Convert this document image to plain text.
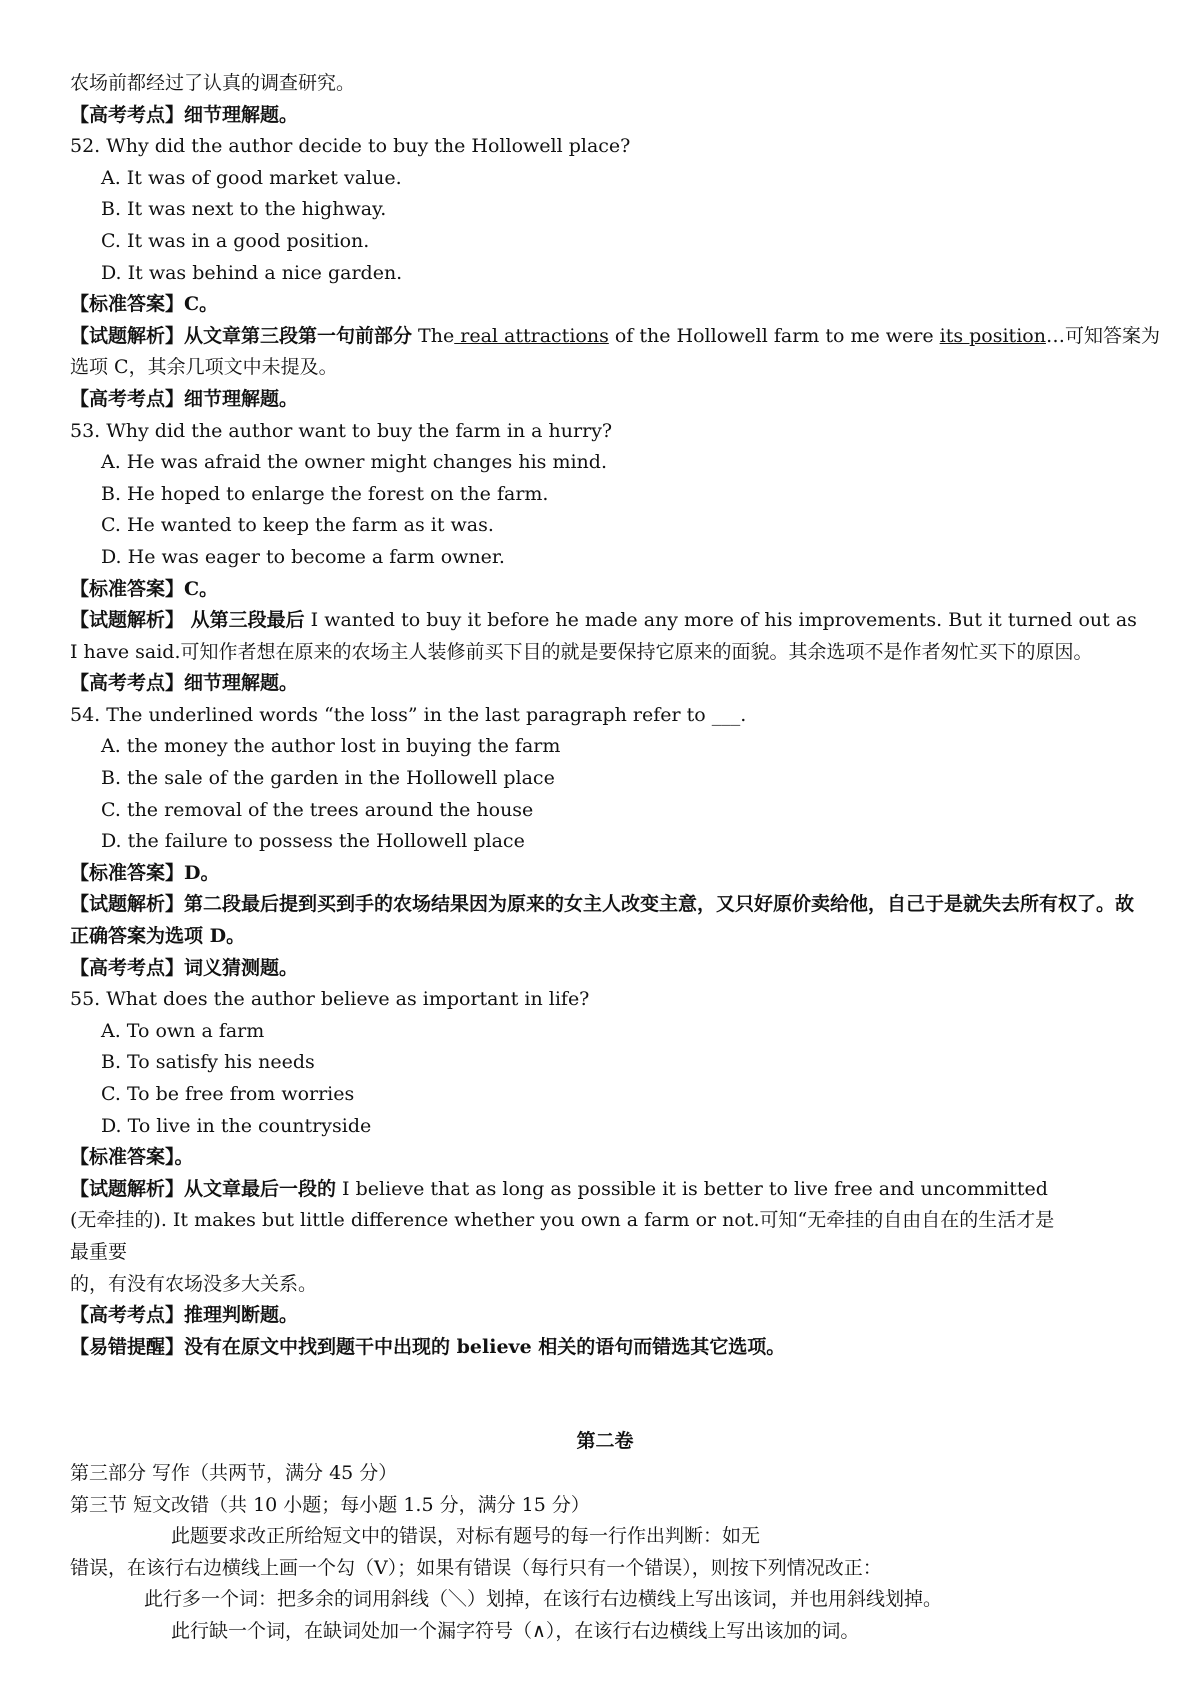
农场前都经过了认真的调查研究。
【高考考点】细节理解题。
52. Why did the author decide to buy the Hollowell place?
A. It was of good market value.
B. It was next to the highway.
C. It was in a good position.
D. It was behind a nice garden.
【标准答案】C。
【试题解析】从文章第三段第一句前部分 The real attractions of the Hollowell farm to me were its position…可知答案为
选项 C，其余几项文中未提及。
【高考考点】细节理解题。
53. Why did the author want to buy the farm in a hurry?
A. He was afraid the owner might changes his mind.
B. He hoped to enlarge the forest on the farm.
C. He wanted to keep the farm as it was.
D. He was eager to become a farm owner.
【标准答案】C。
【试题解析】 从第三段最后 I wanted to buy it before he made any more of his improvements. But it turned out as I have said.可知作者想在原来的农场主人装修前买下目的就是要保持它原来的面貌。其余选项不是作者匆忙买下的原因。
【高考考点】细节理解题。
54. The underlined words “the loss” in the last paragraph refer to ___.
A. the money the author lost in buying the farm
B. the sale of the garden in the Hollowell place
C. the removal of the trees around the house
D. the failure to possess the Hollowell place
【标准答案】D。
【试题解析】第二段最后提到买到手的农场结果因为原来的女主人改变主意，又只好原价卖给他，自己于是就失去所有权了。故正确答案为选项 D。
【高考考点】词义猜测题。
55. What does the author believe as important in life?
A. To own a farm
B. To satisfy his needs
C. To be free from worries
D. To live in the countryside
【标准答案】。
【试题解析】从文章最后一段的 I believe that as long as possible it is better to live free and uncommitted (无牵挂的). It makes but little difference whether you own a farm or not.可知“无牵挂的自由自在的生活才是最重要
的，有没有农场没多大关系。
【高考考点】推理判断题。
【易错提醒】没有在原文中找到题干中出现的 believe 相关的语句而错选其它选项。
第二卷
第三部分 写作（共两节，满分 45 分）
第三节 短文改错（共 10 小题；每小题 1.5 分，满分 15 分）
此题要求改正所给短文中的错误，对标有题号的每一行作出判断：如无
错误，在该行右边横线上画一个勾（V）；如果有错误（每行只有一个错误），则按下列情况改正：
此行多一个词：把多余的词用斜线（＼）划掉，在该行右边横线上写出该词，并也用斜线划掉。
此行缺一个词，在缺词处加一个漏字符号（∧），在该行右边横线上写出该加的词。
